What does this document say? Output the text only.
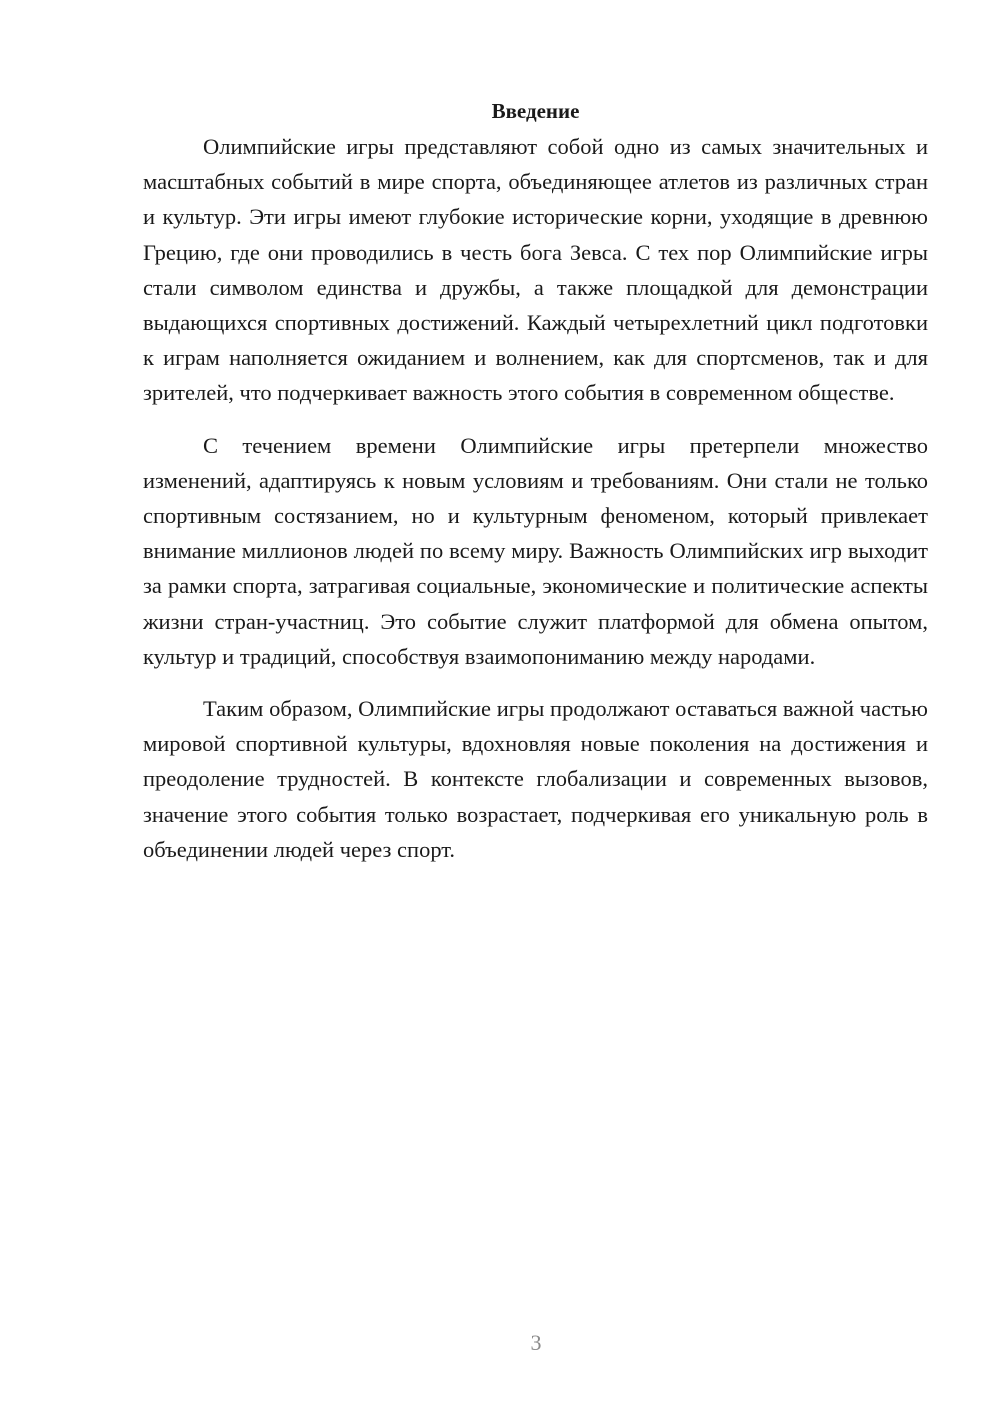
Введение

Олимпийские игры представляют собой одно из самых значительных и масштабных событий в мире спорта, объединяющее атлетов из различных стран и культур. Эти игры имеют глубокие исторические корни, уходящие в древнюю Грецию, где они проводились в честь бога Зевса. С тех пор Олимпийские игры стали символом единства и дружбы, а также площадкой для демонстрации выдающихся спортивных достижений. Каждый четырехлетний цикл подготовки к играм наполняется ожиданием и волнением, как для спортсменов, так и для зрителей, что подчеркивает важность этого события в современном обществе.

С течением времени Олимпийские игры претерпели множество изменений, адаптируясь к новым условиям и требованиям. Они стали не только спортивным состязанием, но и культурным феноменом, который привлекает внимание миллионов людей по всему миру. Важность Олимпийских игр выходит за рамки спорта, затрагивая социальные, экономические и политические аспекты жизни стран-участниц. Это событие служит платформой для обмена опытом, культур и традиций, способствуя взаимопониманию между народами.

Таким образом, Олимпийские игры продолжают оставаться важной частью мировой спортивной культуры, вдохновляя новые поколения на достижения и преодоление трудностей. В контексте глобализации и современных вызовов, значение этого события только возрастает, подчеркивая его уникальную роль в объединении людей через спорт.

3
